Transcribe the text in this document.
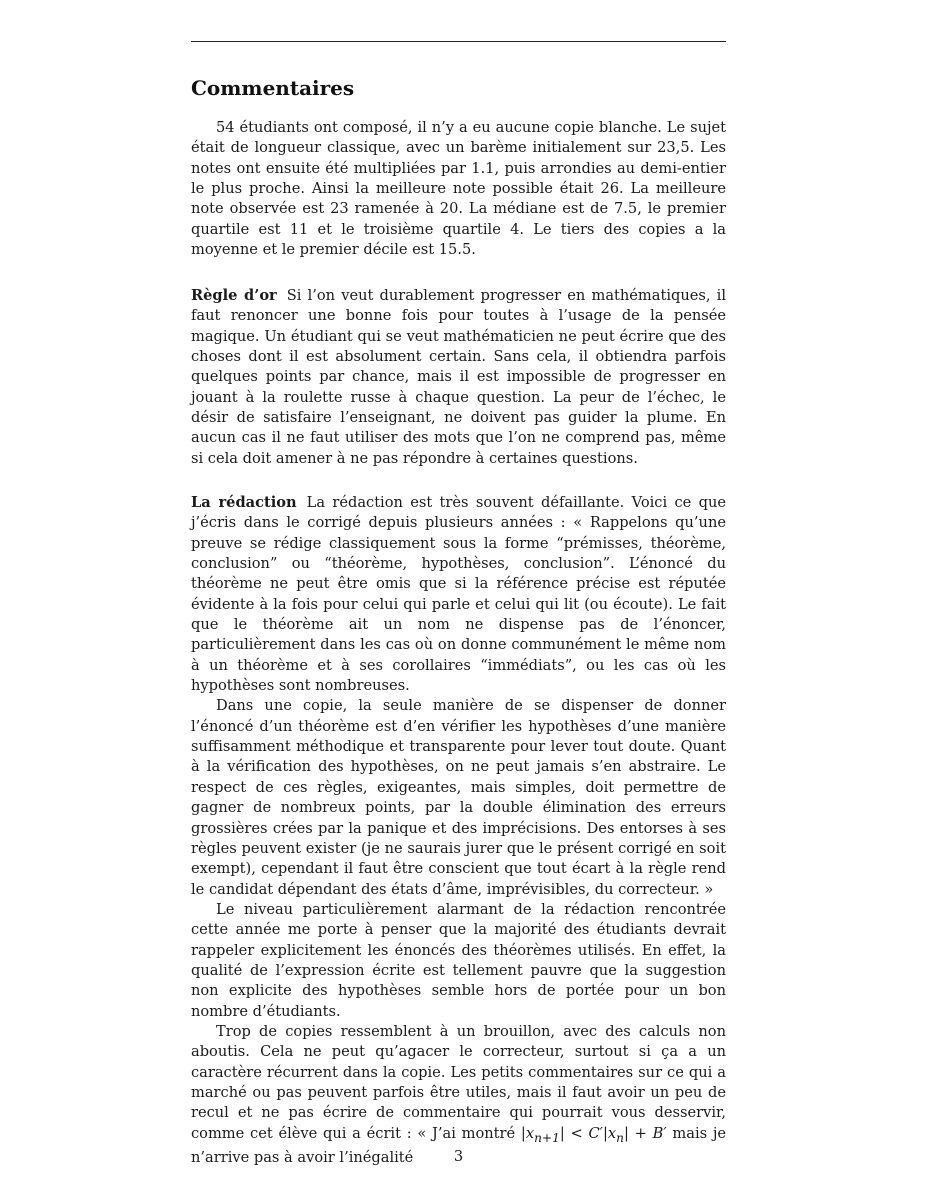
Commentaires

54 étudiants ont composé, il n’y a eu aucune copie blanche. Le sujet était de longueur classique, avec un barème initialement sur 23,5. Les notes ont ensuite été multipliées par 1.1, puis arrondies au demi-entier le plus proche. Ainsi la meilleure note possible était 26. La meilleure note observée est 23 ramenée à 20. La médiane est de 7.5, le premier quartile est 11 et le troisième quartile 4. Le tiers des copies a la moyenne et le premier décile est 15.5.

Règle d’or Si l’on veut durablement progresser en mathématiques, il faut renoncer une bonne fois pour toutes à l’usage de la pensée magique. Un étudiant qui se veut mathématicien ne peut écrire que des choses dont il est absolument certain. Sans cela, il obtiendra parfois quelques points par chance, mais il est impossible de progresser en jouant à la roulette russe à chaque question. La peur de l’échec, le désir de satisfaire l’enseignant, ne doivent pas guider la plume. En aucun cas il ne faut utiliser des mots que l’on ne comprend pas, même si cela doit amener à ne pas répondre à certaines questions.

La rédaction La rédaction est très souvent défaillante. Voici ce que j’écris dans le corrigé depuis plusieurs années : « Rappelons qu’une preuve se rédige classiquement sous la forme “prémisses, théorème, conclusion” ou “théorème, hypothèses, conclusion”. L’énoncé du théorème ne peut être omis que si la référence précise est réputée évidente à la fois pour celui qui parle et celui qui lit (ou écoute). Le fait que le théorème ait un nom ne dispense pas de l’énoncer, particulièrement dans les cas où on donne communément le même nom à un théorème et à ses corollaires “immédiats”, ou les cas où les hypothèses sont nombreuses.

Dans une copie, la seule manière de se dispenser de donner l’énoncé d’un théorème est d’en vérifier les hypothèses d’une manière suffisamment méthodique et transparente pour lever tout doute. Quant à la vérification des hypothèses, on ne peut jamais s’en abstraire. Le respect de ces règles, exigeantes, mais simples, doit permettre de gagner de nombreux points, par la double élimination des erreurs grossières crées par la panique et des imprécisions. Des entorses à ses règles peuvent exister (je ne saurais jurer que le présent corrigé en soit exempt), cependant il faut être conscient que tout écart à la règle rend le candidat dépendant des états d’âme, imprévisibles, du correcteur. »

Le niveau particulièrement alarmant de la rédaction rencontrée cette année me porte à penser que la majorité des étudiants devrait rappeler explicitement les énoncés des théorèmes utilisés. En effet, la qualité de l’expression écrite est tellement pauvre que la suggestion non explicite des hypothèses semble hors de portée pour un bon nombre d’étudiants.

Trop de copies ressemblent à un brouillon, avec des calculs non aboutis. Cela ne peut qu’agacer le correcteur, surtout si ça a un caractère récurrent dans la copie. Les petits commentaires sur ce qui a marché ou pas peuvent parfois être utiles, mais il faut avoir un peu de recul et ne pas écrire de commentaire qui pourrait vous desservir, comme cet élève qui a écrit : « J’ai montré $|x_{n+1}| < C'|x_n| + B'$ mais je n’arrive pas à avoir l’inégalité	3
